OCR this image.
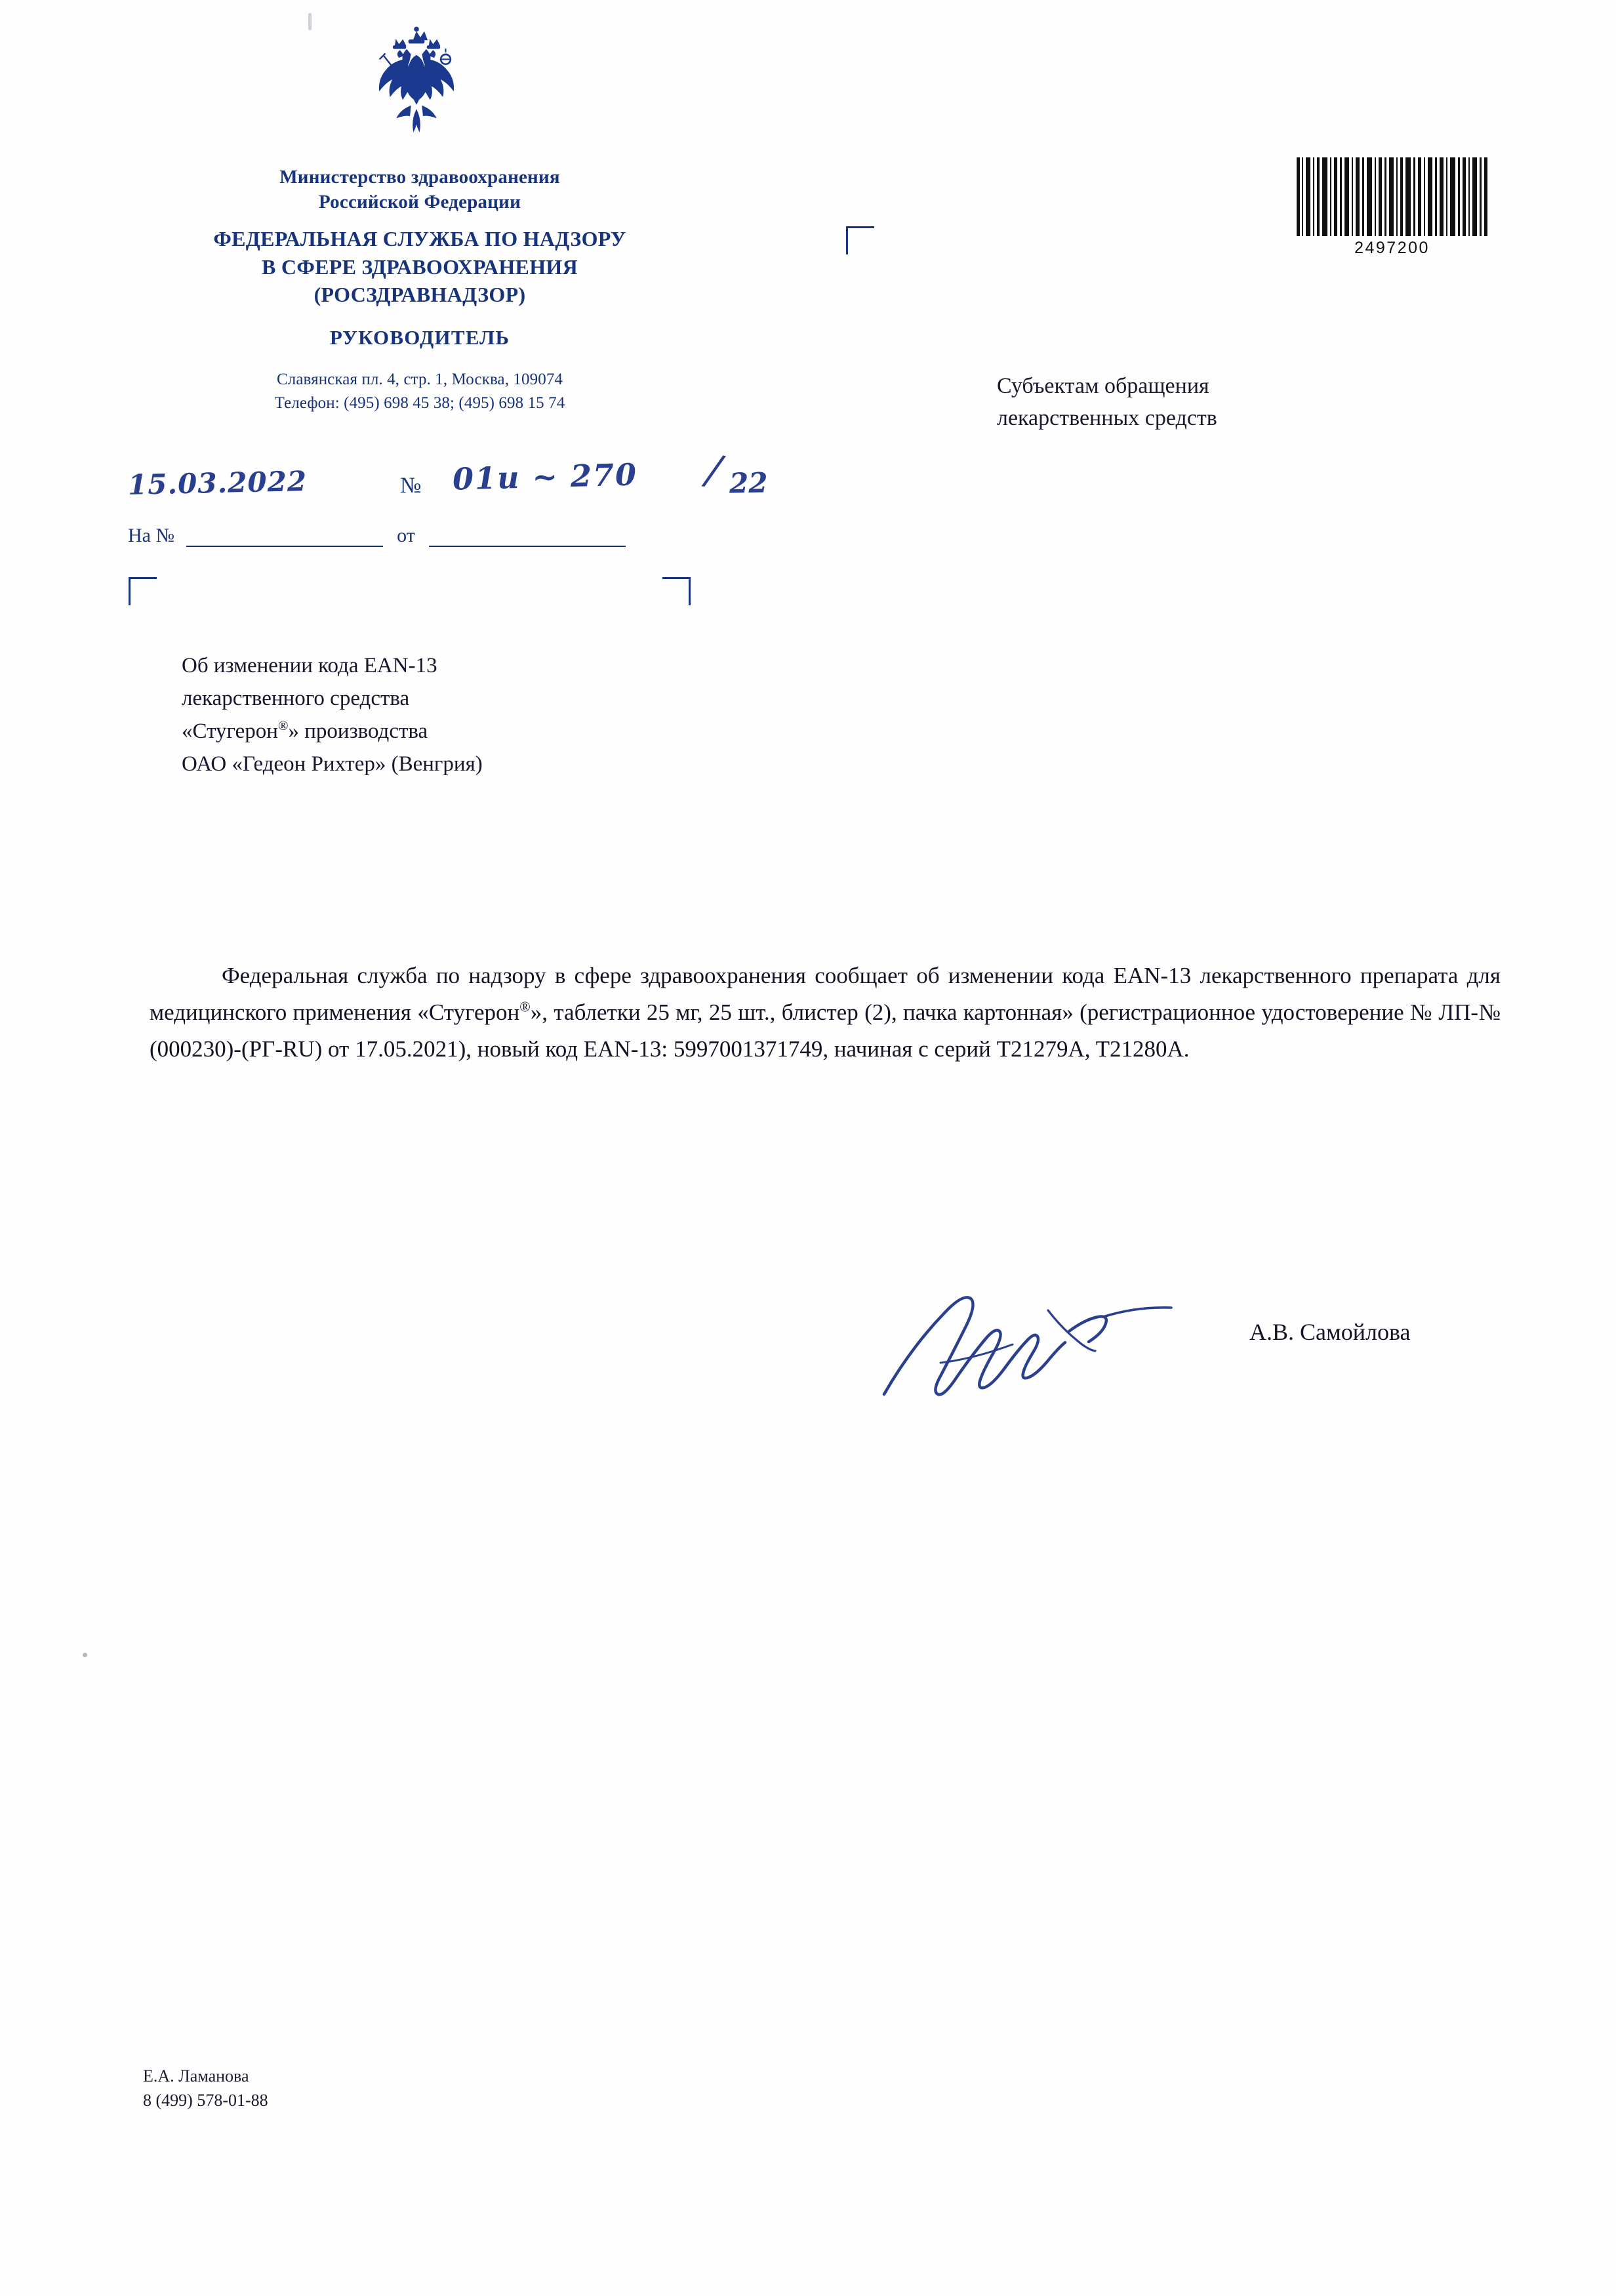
Министерство здравоохранения
Российской Федерации
ФЕДЕРАЛЬНАЯ СЛУЖБА ПО НАДЗОРУ
В СФЕРЕ ЗДРАВООХРАНЕНИЯ
(РОСЗДРАВНАДЗОР)
РУКОВОДИТЕЛЬ
Славянская пл. 4, стр. 1, Москва, 109074
Телефон: (495) 698 45 38; (495) 698 15 74
15.03.2022	№ 01и ~ 270 / 22
На №	от
2497200
Субъектам обращения
лекарственных средств
Об изменении кода EAN-13
лекарственного средства
«Стугерон®» производства
ОАО «Гедеон Рихтер» (Венгрия)

Федеральная служба по надзору в сфере здравоохранения сообщает об изменении кода EAN-13 лекарственного препарата для медицинского применения «Стугерон®», таблетки 25 мг, 25 шт., блистер (2), пачка картонная» (регистрационное удостоверение № ЛП-№ (000230)-(РГ-RU) от 17.05.2021), новый код EAN-13: 5997001371749, начиная с серий T21279A, T21280A.

А.В. Самойлова
Е.А. Ламанова
8 (499) 578-01-88
